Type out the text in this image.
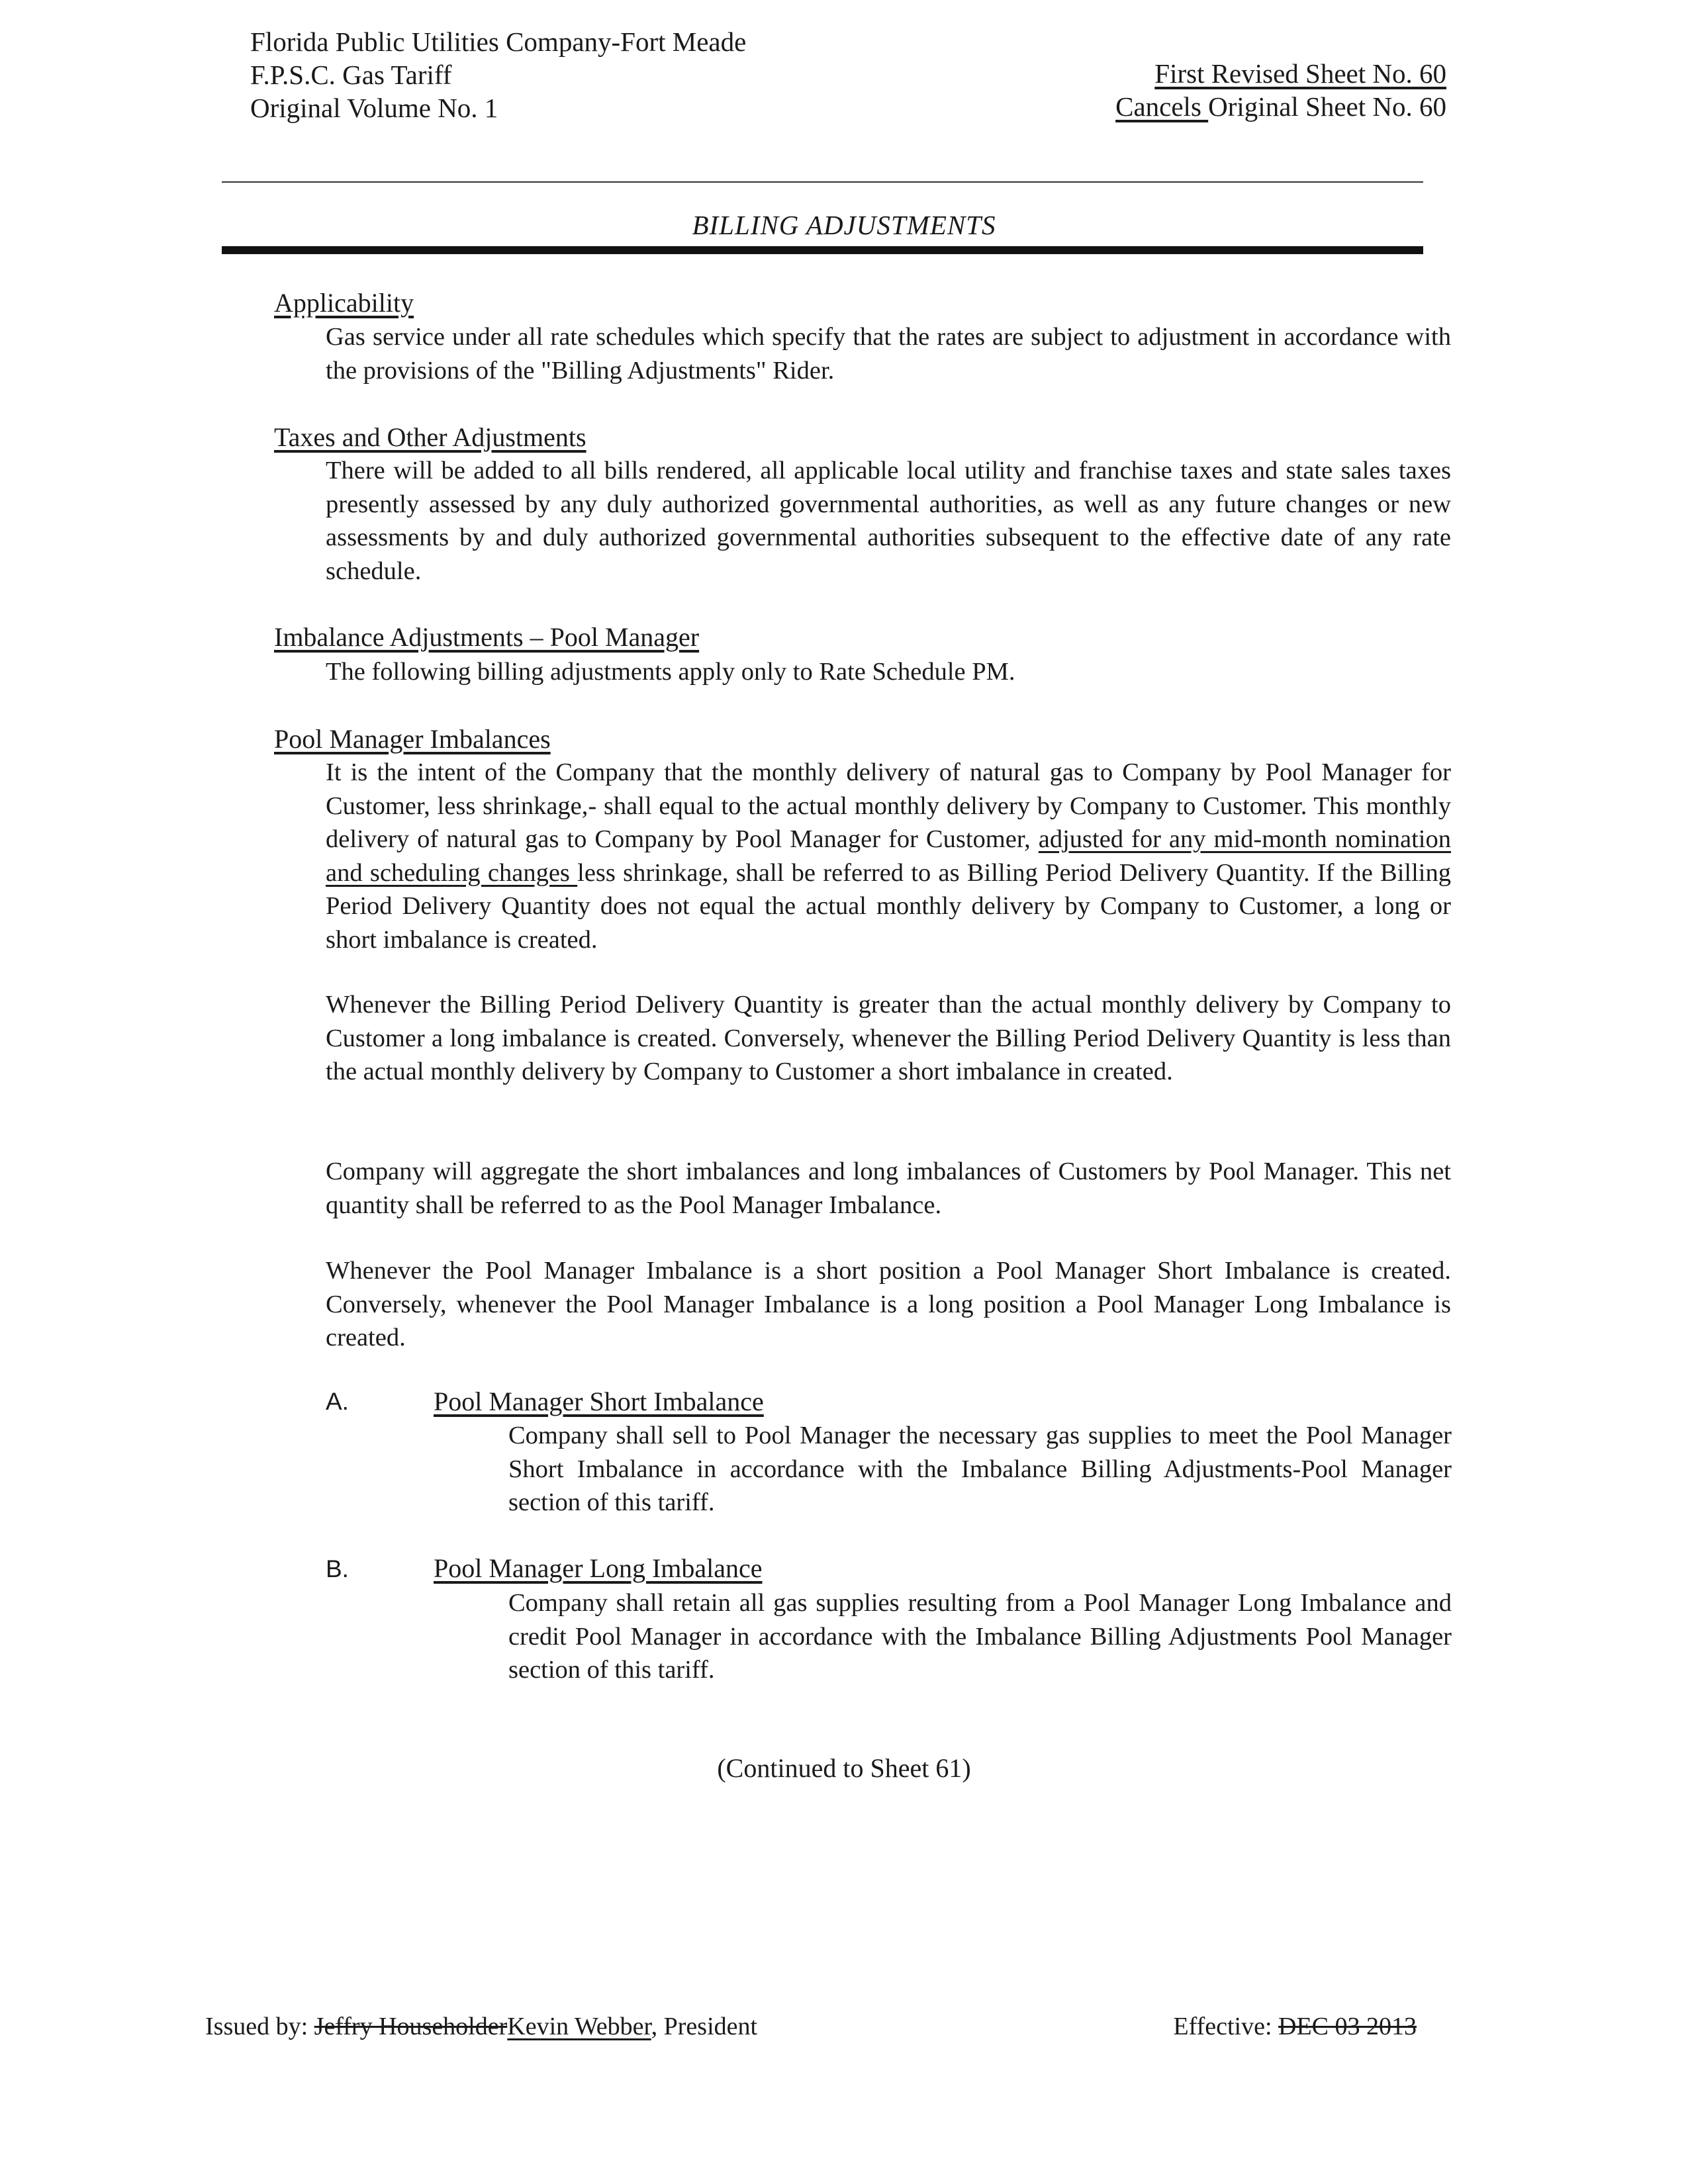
Florida Public Utilities Company-Fort Meade
F.P.S.C. Gas Tariff
Original Volume No. 1
First Revised Sheet No. 60
Cancels Original Sheet No. 60
BILLING ADJUSTMENTS
Applicability
Gas service under all rate schedules which specify that the rates are subject to adjustment in accordance with the provisions of the "Billing Adjustments" Rider.
Taxes and Other Adjustments
There will be added to all bills rendered, all applicable local utility and franchise taxes and state sales taxes presently assessed by any duly authorized governmental authorities, as well as any future changes or new assessments by and duly authorized governmental authorities subsequent to the effective date of any rate schedule.
Imbalance Adjustments – Pool Manager
The following billing adjustments apply only to Rate Schedule PM.
Pool Manager Imbalances
It is the intent of the Company that the monthly delivery of natural gas to Company by Pool Manager for Customer, less shrinkage,- shall equal to the actual monthly delivery by Company to Customer. This monthly delivery of natural gas to Company by Pool Manager for Customer, adjusted for any mid-month nomination and scheduling changes less shrinkage, shall be referred to as Billing Period Delivery Quantity. If the Billing Period Delivery Quantity does not equal the actual monthly delivery by Company to Customer, a long or short imbalance is created.
Whenever the Billing Period Delivery Quantity is greater than the actual monthly delivery by Company to Customer a long imbalance is created. Conversely, whenever the Billing Period Delivery Quantity is less than the actual monthly delivery by Company to Customer a short imbalance in created.
Company will aggregate the short imbalances and long imbalances of Customers by Pool Manager. This net quantity shall be referred to as the Pool Manager Imbalance.
Whenever the Pool Manager Imbalance is a short position a Pool Manager Short Imbalance is created. Conversely, whenever the Pool Manager Imbalance is a long position a Pool Manager Long Imbalance is created.
A.	Pool Manager Short Imbalance
Company shall sell to Pool Manager the necessary gas supplies to meet the Pool Manager Short Imbalance in accordance with the Imbalance Billing Adjustments-Pool Manager section of this tariff.
B.	Pool Manager Long Imbalance
Company shall retain all gas supplies resulting from a Pool Manager Long Imbalance and credit Pool Manager in accordance with the Imbalance Billing Adjustments Pool Manager section of this tariff.
(Continued to Sheet 61)
Issued by: Jeffry HouseholderKevin Webber, President	Effective: DEC 03 2013
